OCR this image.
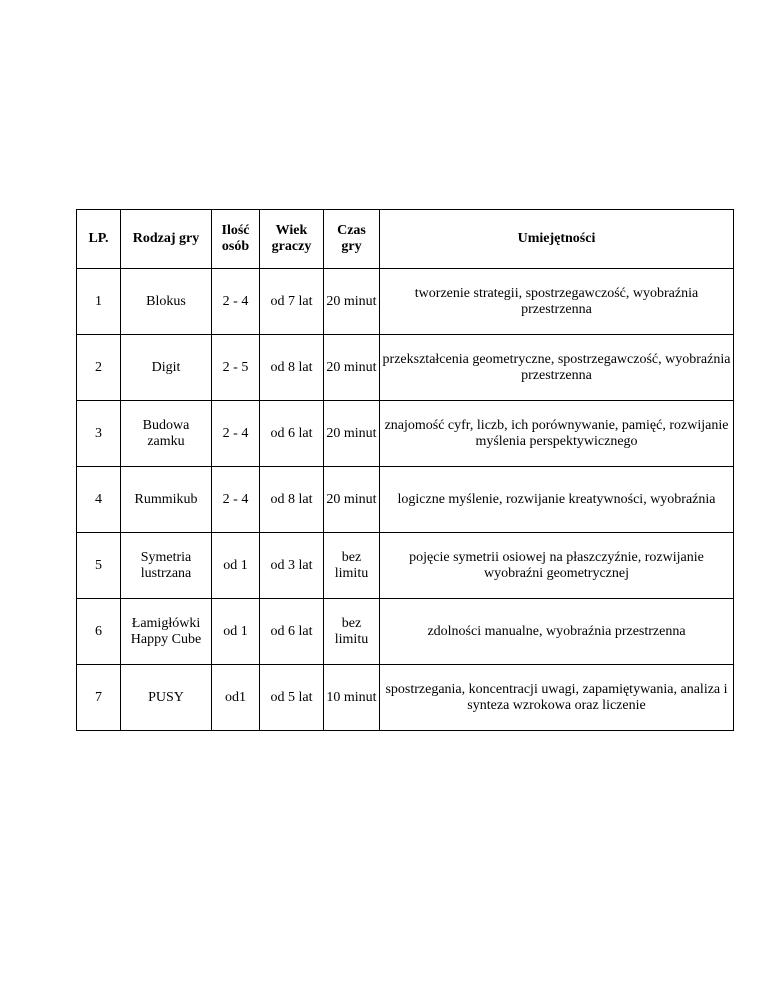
LP.	Rodzaj gry	Ilość osób	Wiek graczy	Czas gry	Umiejętności
1	Blokus	2 - 4	od 7 lat	20 minut	tworzenie strategii, spostrzegawczość, wyobraźnia przestrzenna
2	Digit	2 - 5	od 8 lat	20 minut	przekształcenia geometryczne, spostrzegawczość, wyobraźnia przestrzenna
3	Budowa zamku	2 - 4	od 6 lat	20 minut	znajomość cyfr, liczb, ich porównywanie, pamięć, rozwijanie myślenia perspektywicznego
4	Rummikub	2 - 4	od 8 lat	20 minut	logiczne myślenie, rozwijanie kreatywności, wyobraźnia
5	Symetria lustrzana	od 1	od 3 lat	bez limitu	pojęcie symetrii osiowej na płaszczyźnie, rozwijanie wyobraźni geometrycznej
6	Łamigłówki Happy Cube	od 1	od 6 lat	bez limitu	zdolności manualne, wyobraźnia przestrzenna
7	PUSY	od1	od 5 lat	10 minut	spostrzegania, koncentracji uwagi, zapamiętywania, analiza i synteza wzrokowa oraz liczenie
